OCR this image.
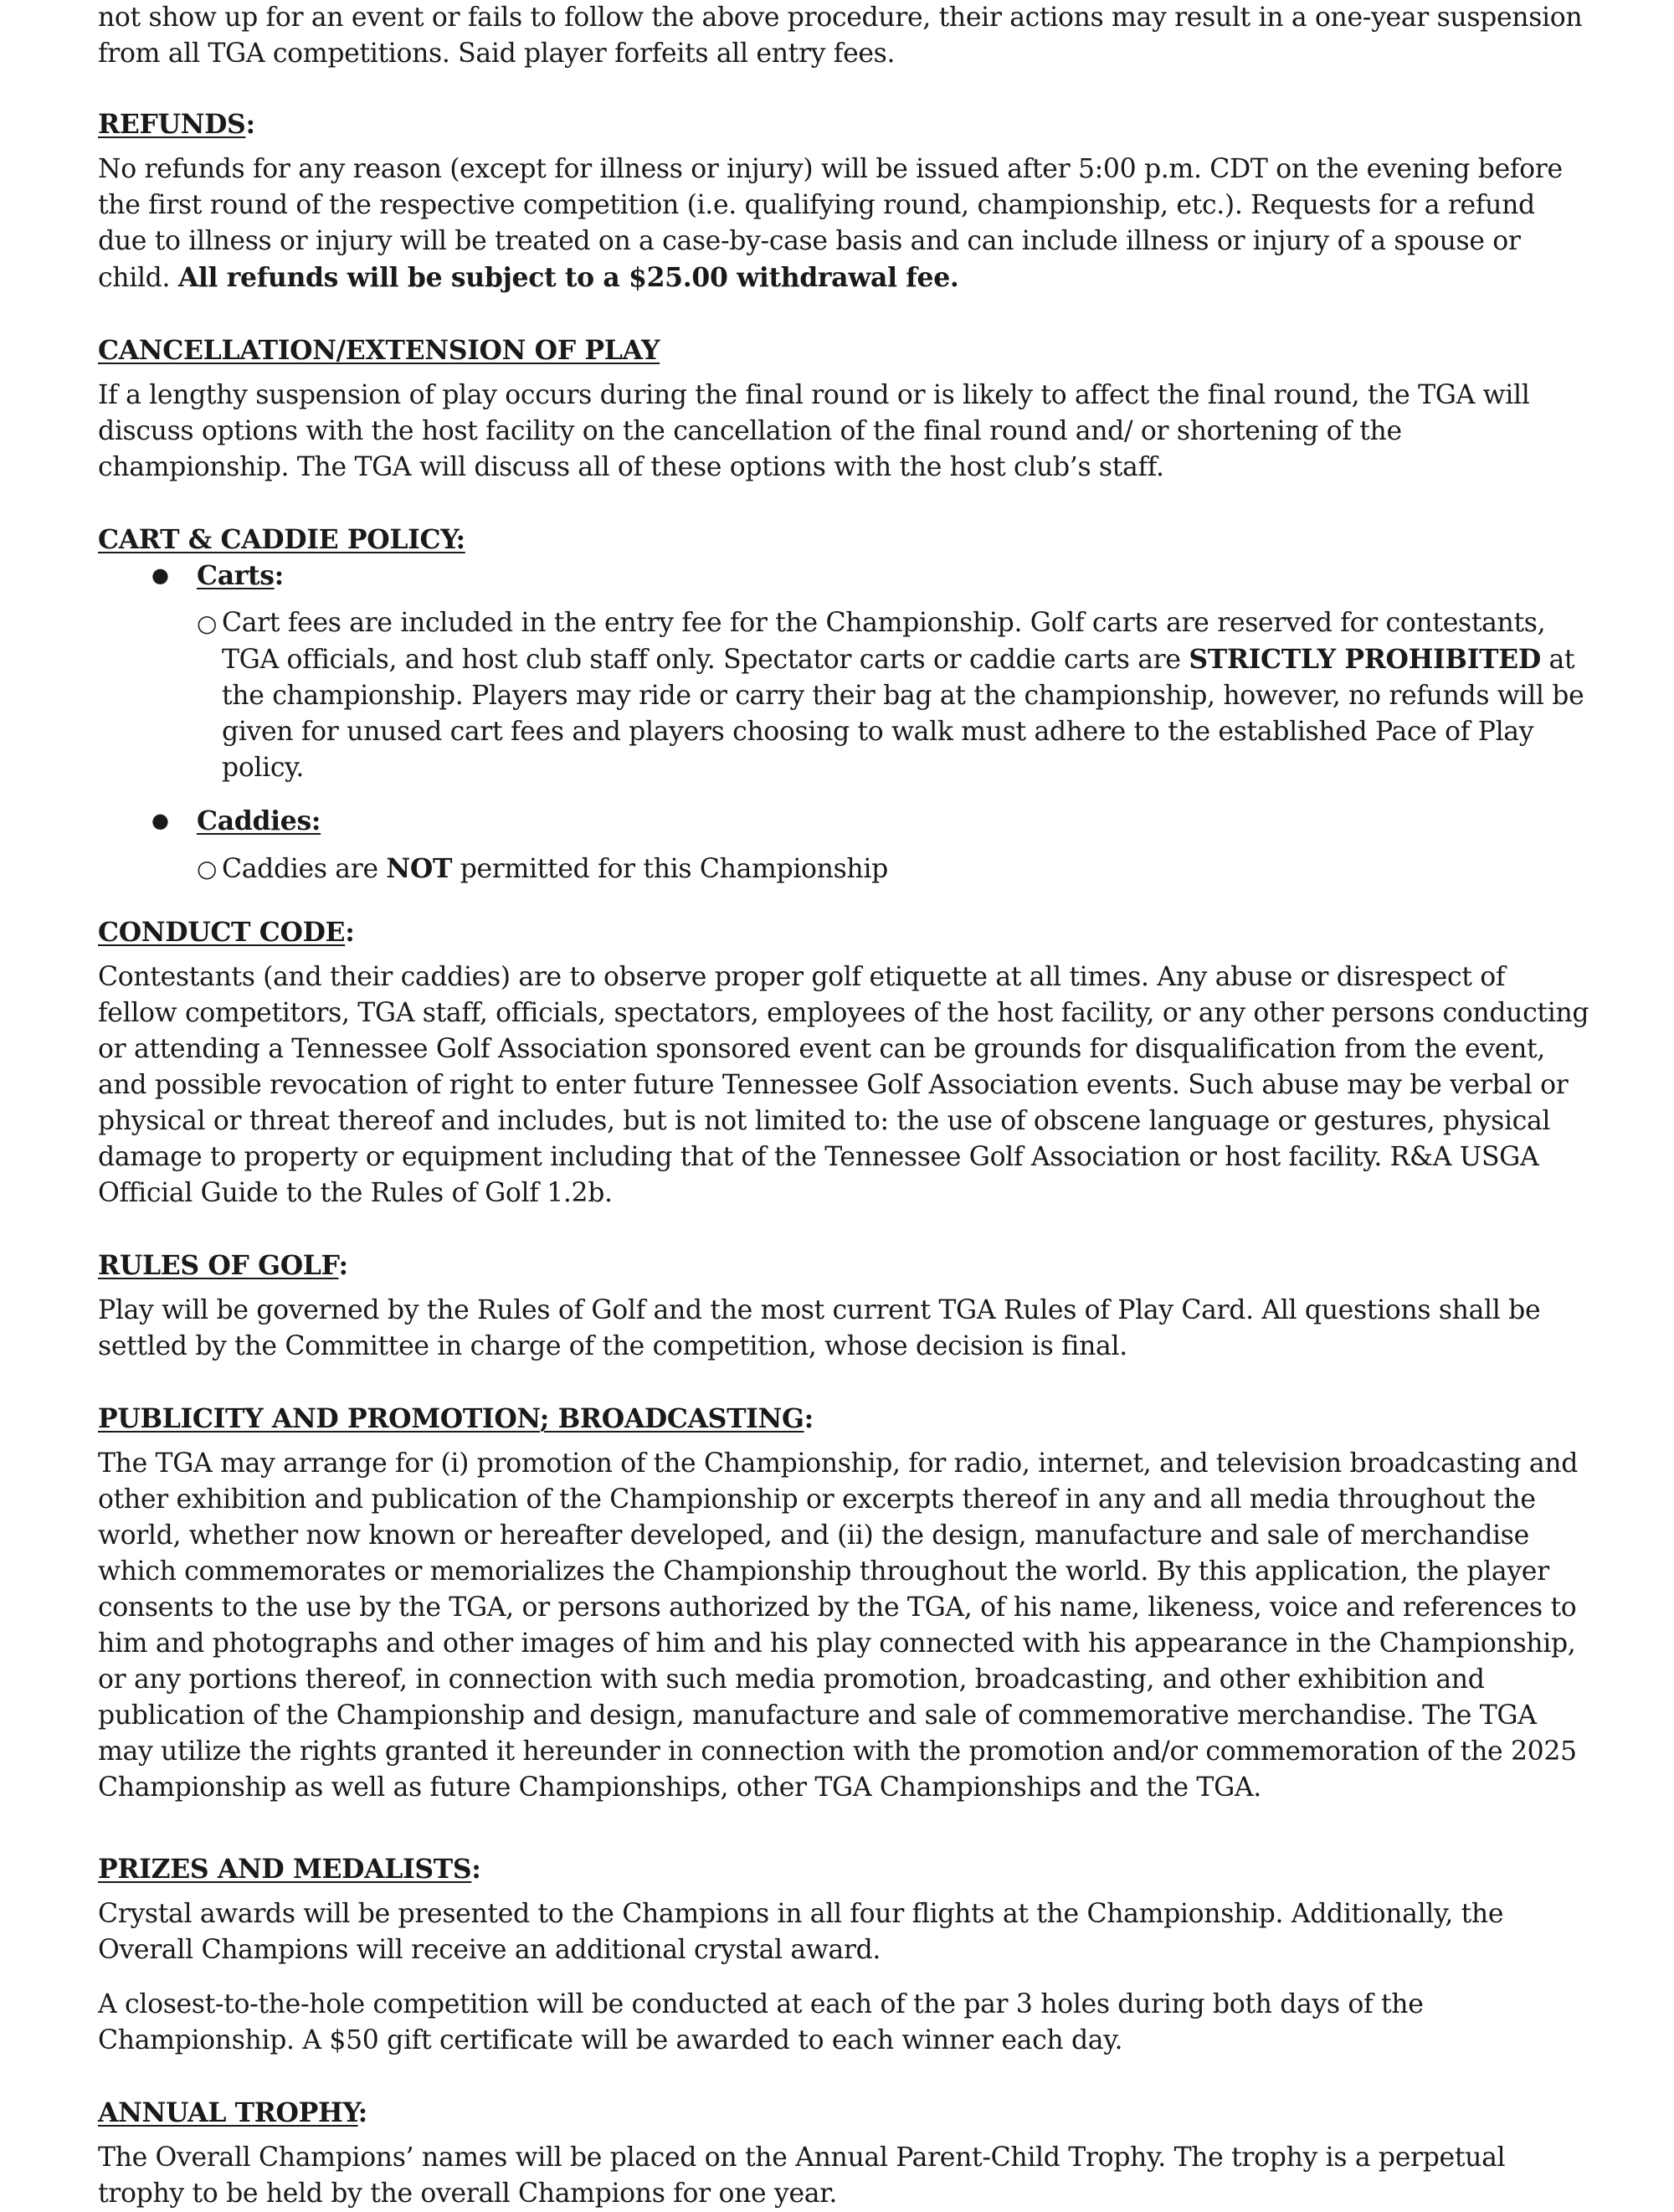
not show up for an event or fails to follow the above procedure, their actions may result in a one-year suspension from all TGA competitions. Said player forfeits all entry fees.

REFUNDS:

No refunds for any reason (except for illness or injury) will be issued after 5:00 p.m. CDT on the evening before the first round of the respective competition (i.e. qualifying round, championship, etc.). Requests for a refund due to illness or injury will be treated on a case-by-case basis and can include illness or injury of a spouse or child. All refunds will be subject to a $25.00 withdrawal fee.

CANCELLATION/EXTENSION OF PLAY

If a lengthy suspension of play occurs during the final round or is likely to affect the final round, the TGA will discuss options with the host facility on the cancellation of the final round and/ or shortening of the championship. The TGA will discuss all of these options with the host club’s staff.

CART & CADDIE POLICY:

● Carts:
○ Cart fees are included in the entry fee for the Championship. Golf carts are reserved for contestants, TGA officials, and host club staff only. Spectator carts or caddie carts are STRICTLY PROHIBITED at the championship. Players may ride or carry their bag at the championship, however, no refunds will be given for unused cart fees and players choosing to walk must adhere to the established Pace of Play policy.
● Caddies:
○ Caddies are NOT permitted for this Championship

CONDUCT CODE:

Contestants (and their caddies) are to observe proper golf etiquette at all times. Any abuse or disrespect of fellow competitors, TGA staff, officials, spectators, employees of the host facility, or any other persons conducting or attending a Tennessee Golf Association sponsored event can be grounds for disqualification from the event, and possible revocation of right to enter future Tennessee Golf Association events. Such abuse may be verbal or physical or threat thereof and includes, but is not limited to: the use of obscene language or gestures, physical damage to property or equipment including that of the Tennessee Golf Association or host facility. R&A USGA Official Guide to the Rules of Golf 1.2b.

RULES OF GOLF:

Play will be governed by the Rules of Golf and the most current TGA Rules of Play Card. All questions shall be settled by the Committee in charge of the competition, whose decision is final.

PUBLICITY AND PROMOTION; BROADCASTING:

The TGA may arrange for (i) promotion of the Championship, for radio, internet, and television broadcasting and other exhibition and publication of the Championship or excerpts thereof in any and all media throughout the world, whether now known or hereafter developed, and (ii) the design, manufacture and sale of merchandise which commemorates or memorializes the Championship throughout the world. By this application, the player consents to the use by the TGA, or persons authorized by the TGA, of his name, likeness, voice and references to him and photographs and other images of him and his play connected with his appearance in the Championship, or any portions thereof, in connection with such media promotion, broadcasting, and other exhibition and publication of the Championship and design, manufacture and sale of commemorative merchandise. The TGA may utilize the rights granted it hereunder in connection with the promotion and/or commemoration of the 2025 Championship as well as future Championships, other TGA Championships and the TGA.

PRIZES AND MEDALISTS:

Crystal awards will be presented to the Champions in all four flights at the Championship. Additionally, the Overall Champions will receive an additional crystal award.

A closest-to-the-hole competition will be conducted at each of the par 3 holes during both days of the Championship. A $50 gift certificate will be awarded to each winner each day.

ANNUAL TROPHY:

The Overall Champions’ names will be placed on the Annual Parent-Child Trophy. The trophy is a perpetual trophy to be held by the overall Champions for one year.
